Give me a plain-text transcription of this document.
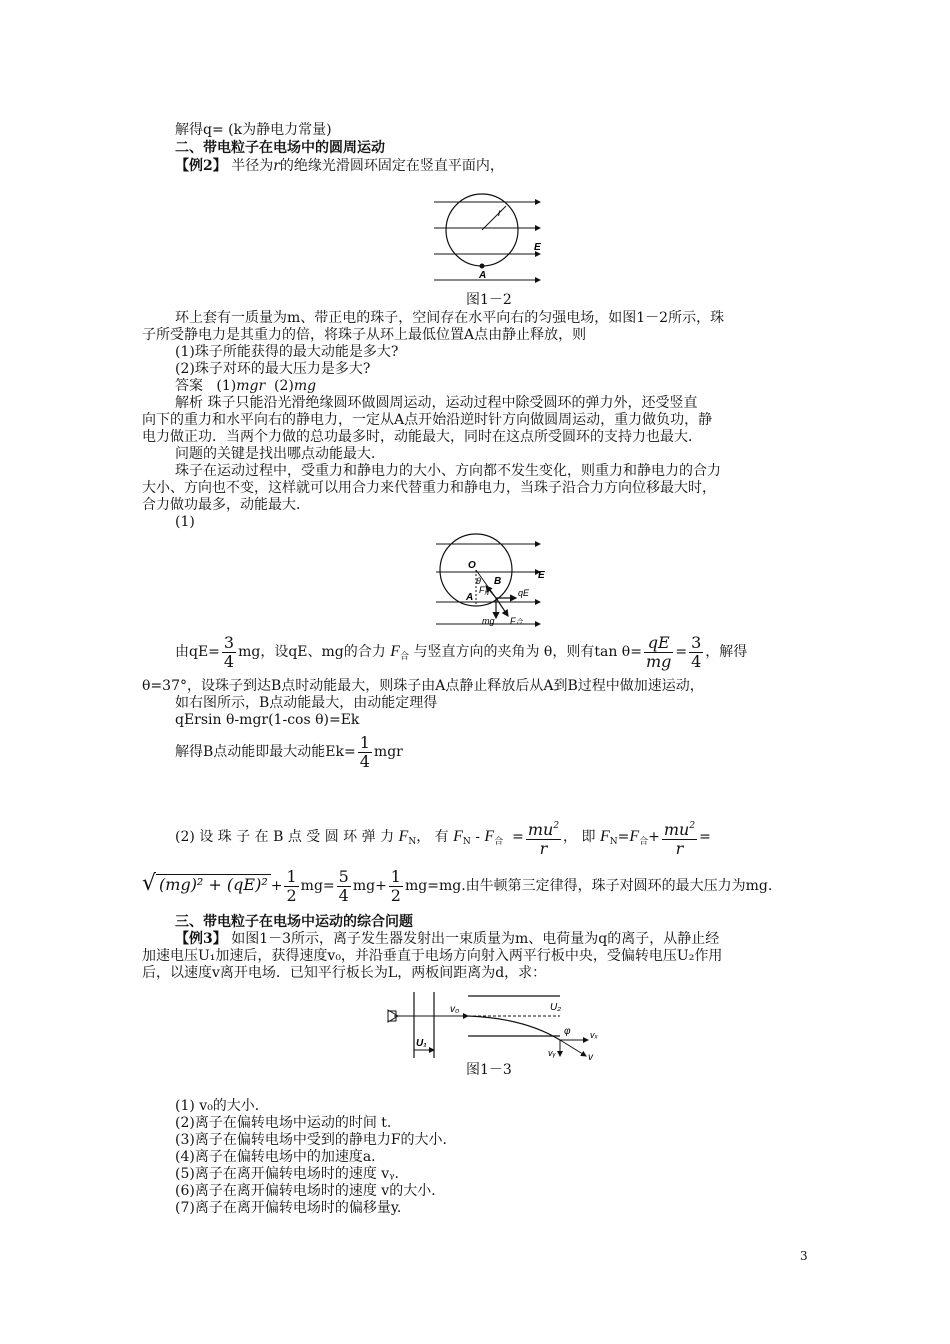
解得q= (k为静电力常量)
二、带电粒子在电场中的圆周运动
【例2】 半径为r的绝缘光滑圆环固定在竖直平面内，
r
E
A
图1－2
环上套有一质量为m、带正电的珠子，空间存在水平向右的匀强电场，如图1－2所示，珠
子所受静电力是其重力的倍，将珠子从环上最低位置A点由静止释放，则
(1)珠子所能获得的最大动能是多大?
(2)珠子对环的最大压力是多大?
答案 (1)mgr (2)mg
解析 珠子只能沿光滑绝缘圆环做圆周运动，运动过程中除受圆环的弹力外，还受竖直
向下的重力和水平向右的静电力，一定从A点开始沿逆时针方向做圆周运动，重力做负功，静
电力做正功．当两个力做的总功最多时，动能最大，同时在这点所受圆环的支持力也最大．
问题的关键是找出哪点动能最大．
珠子在运动过程中，受重力和静电力的大小、方向都不发生变化，则重力和静电力的合力
大小、方向也不变，这样就可以用合力来代替重力和静电力，当珠子沿合力方向位移最大时，
合力做功最多，动能最大．
(1)
O
θ B
E
A
$F_N$	qE
mg F合
由$qE= \frac{3}{4}$ mg，设qE、mg的合力 $F_合$ 与竖直方向的夹角为 θ，则有$\tan \theta= \frac{qE}{mg} = \frac{3}{4}$ ，解得
θ=37°，设珠子到达B点时动能最大，则珠子由A点静止释放后从A到B过程中做加速运动，
如右图所示，B点动能最大，由动能定理得
qErsin θ-mgr(1-cos θ)=Ek
解得B点动能即最大动能$Ek= \frac{1}{4}$ mgr
(2) 设 珠 子 在 B 点 受 圆 环 弹 力 $F_N$， 有 $F_N - F_合 = \frac{mu^2}{r}$ ， 即 $F_N=F_合+ \frac{mu^2}{r}$ =
√ $(mg)^2 + (qE)^2 + \frac{1}{2} mg= \frac{5}{4} mg+ \frac{1}{2} mg=mg$.由牛顿第三定律得，珠子对圆环的最大压力为mg.
三、带电粒子在电场中运动的综合问题
【例3】 如图1－3所示，离子发生器发射出一束质量为m、电荷量为q的离子，从静止经
加速电压U₁加速后，获得速度v₀，并沿垂直于电场方向射入两平行板中央，受偏转电压U₂作用
后，以速度v离开电场．已知平行板长为L，两板间距离为d，求：
v₀	U₂
φ vₓ
U₁
vᵧ	v
图1－3
(1) v₀的大小．
(2)离子在偏转电场中运动的时间 t.
(3)离子在偏转电场中受到的静电力F的大小．
(4)离子在偏转电场中的加速度a.
(5)离子在离开偏转电场时的速度 vᵧ.
(6)离子在离开偏转电场时的速度 v的大小．
(7)离子在离开偏转电场时的偏移量y.
3
